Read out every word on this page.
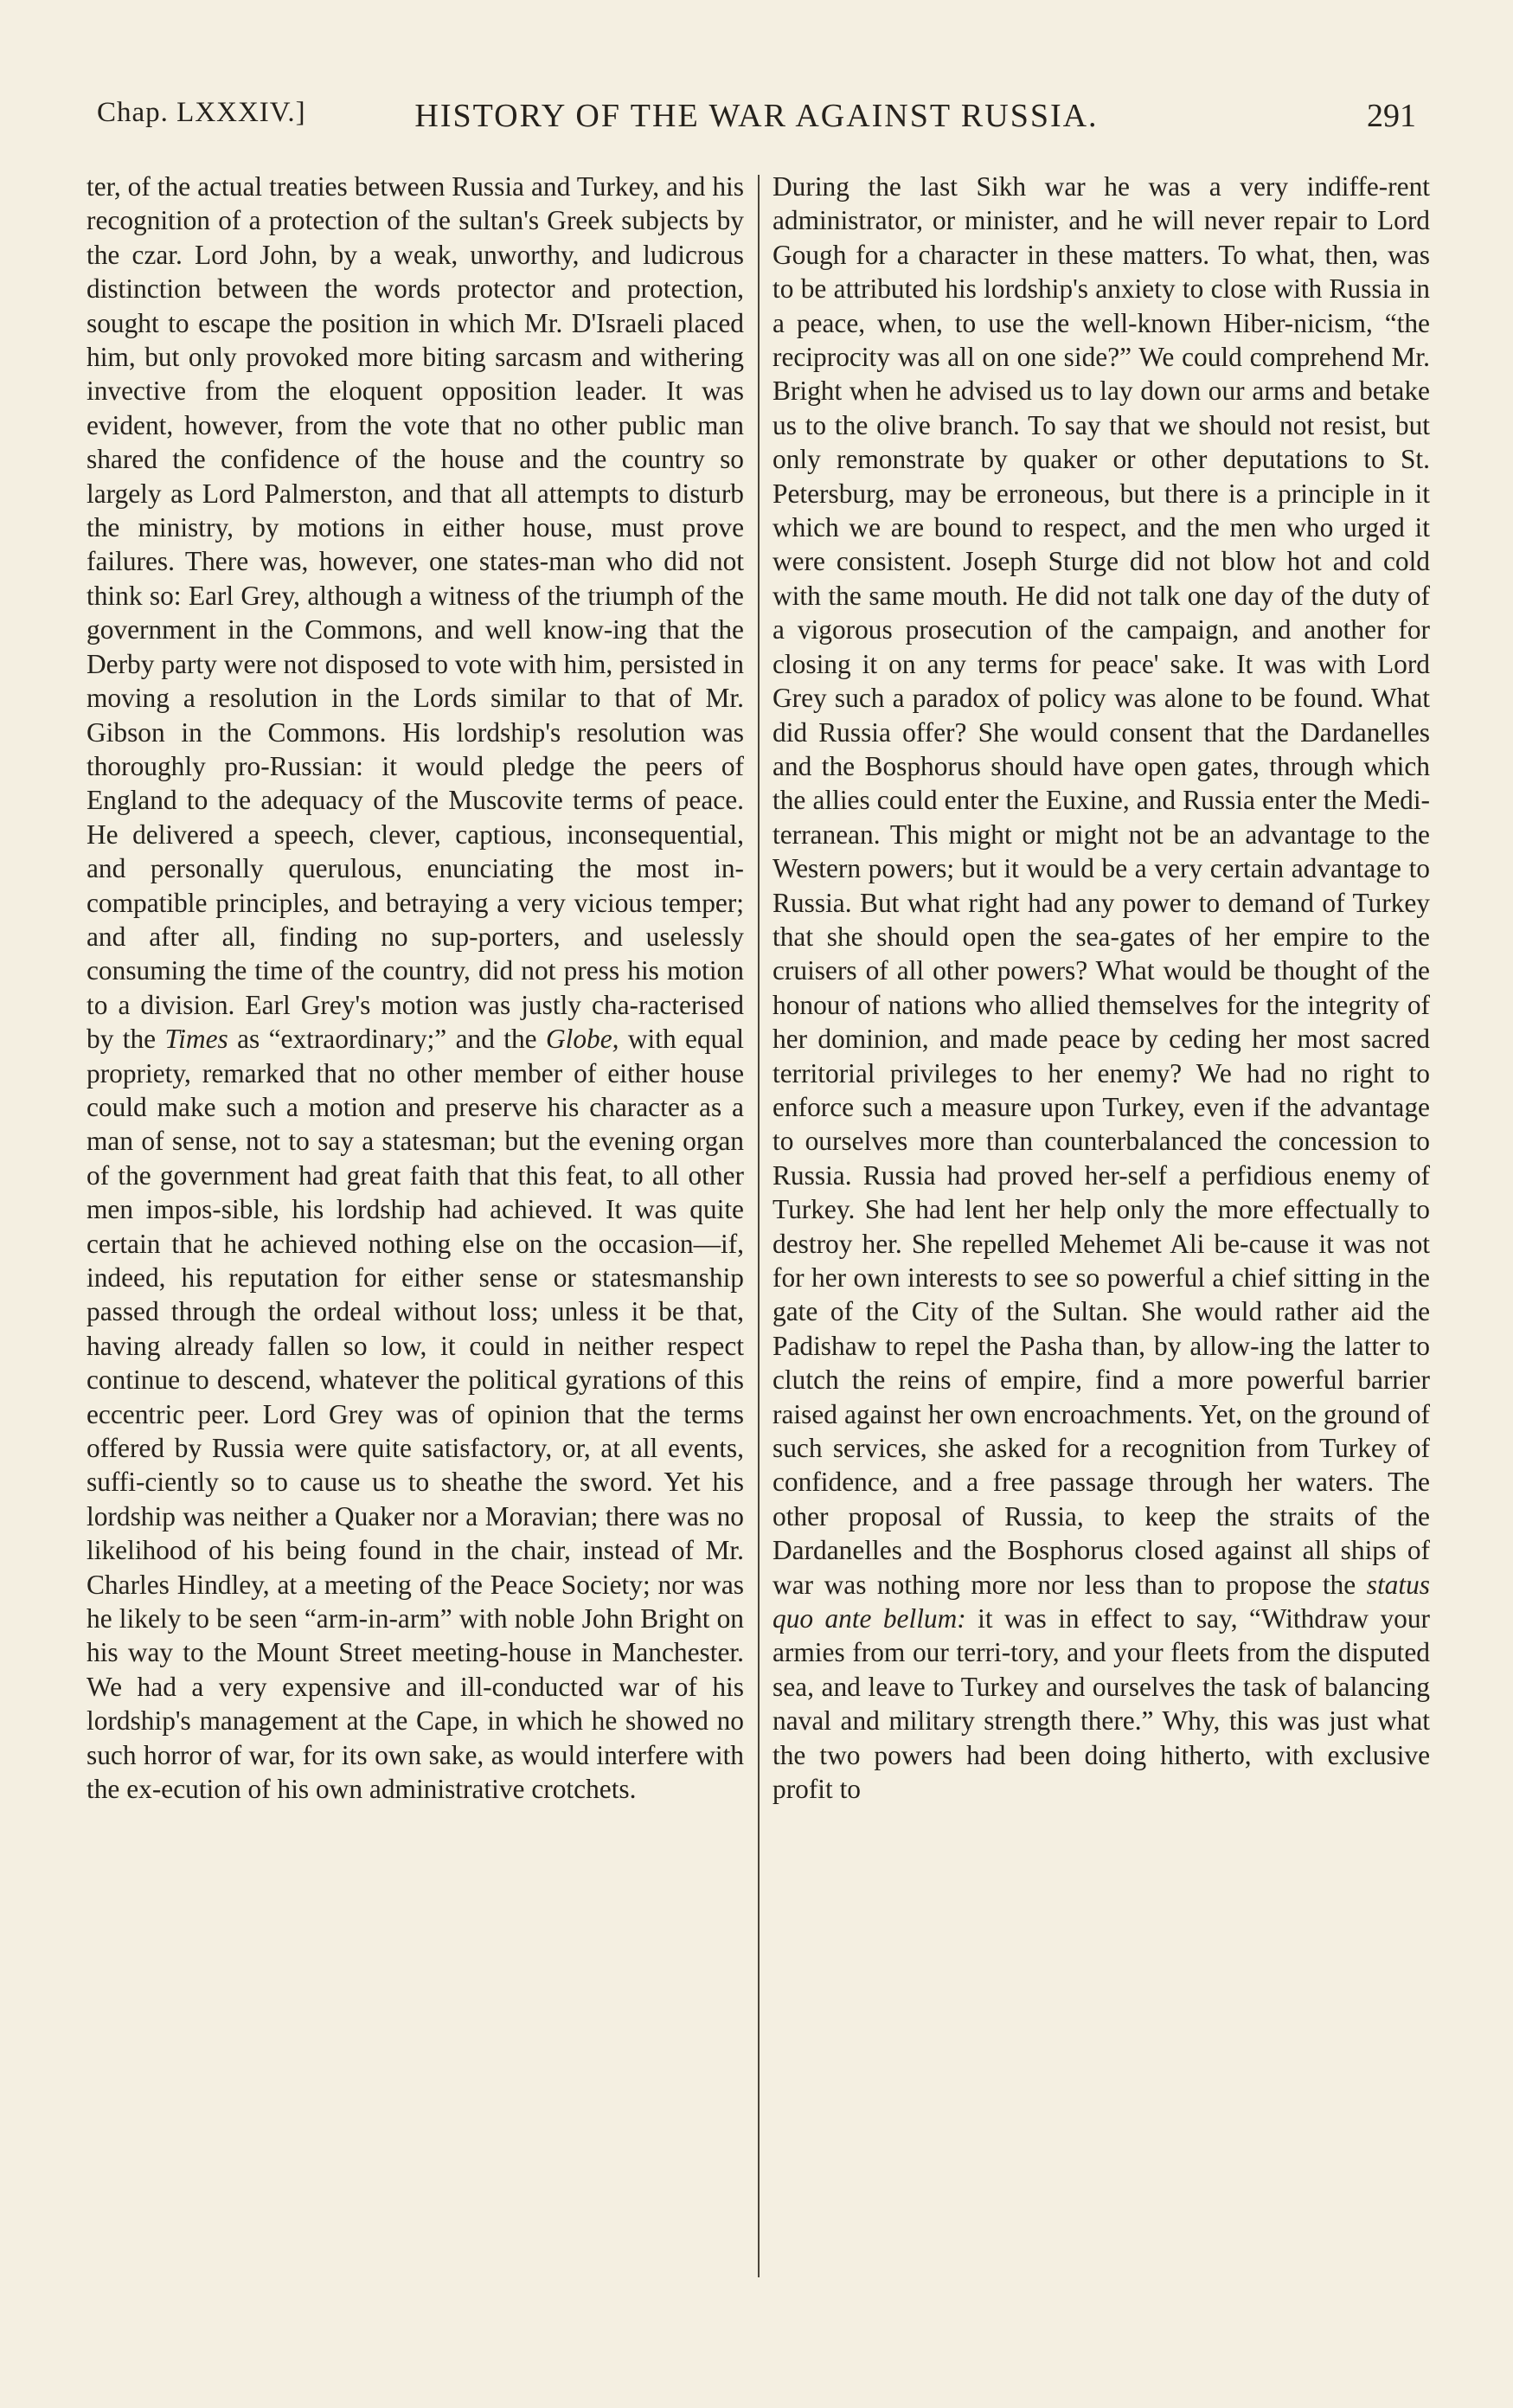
Chap. LXXXIV.]	HISTORY OF THE WAR AGAINST RUSSIA.	291

ter, of the actual treaties between Russia and Turkey, and his recognition of a protection of the sultan's Greek subjects by the czar. Lord John, by a weak, unworthy, and ludicrous distinction between the words protector and protection, sought to escape the position in which Mr. D'Israeli placed him, but only provoked more biting sarcasm and withering invective from the eloquent opposition leader. It was evident, however, from the vote that no other public man shared the confidence of the house and the country so largely as Lord Palmerston, and that all attempts to disturb the ministry, by motions in either house, must prove failures. There was, however, one states-man who did not think so: Earl Grey, although a witness of the triumph of the government in the Commons, and well know-ing that the Derby party were not disposed to vote with him, persisted in moving a resolution in the Lords similar to that of Mr. Gibson in the Commons. His lordship's resolution was thoroughly pro-Russian: it would pledge the peers of England to the adequacy of the Muscovite terms of peace. He delivered a speech, clever, captious, inconsequential, and personally querulous, enunciating the most in-compatible principles, and betraying a very vicious temper; and after all, finding no sup-porters, and uselessly consuming the time of the country, did not press his motion to a division. Earl Grey's motion was justly cha-racterised by the Times as “extraordinary;” and the Globe, with equal propriety, remarked that no other member of either house could make such a motion and preserve his character as a man of sense, not to say a statesman; but the evening organ of the government had great faith that this feat, to all other men impos-sible, his lordship had achieved. It was quite certain that he achieved nothing else on the occasion—if, indeed, his reputation for either sense or statesmanship passed through the ordeal without loss; unless it be that, having already fallen so low, it could in neither respect continue to descend, whatever the political gyrations of this eccentric peer. Lord Grey was of opinion that the terms offered by Russia were quite satisfactory, or, at all events, suffi-ciently so to cause us to sheathe the sword. Yet his lordship was neither a Quaker nor a Moravian; there was no likelihood of his being found in the chair, instead of Mr. Charles Hindley, at a meeting of the Peace Society; nor was he likely to be seen “arm-in-arm” with noble John Bright on his way to the Mount Street meeting-house in Manchester. We had a very expensive and ill-conducted war of his lordship's management at the Cape, in which he showed no such horror of war, for its own sake, as would interfere with the ex-ecution of his own administrative crotchets.

During the last Sikh war he was a very indiffe-rent administrator, or minister, and he will never repair to Lord Gough for a character in these matters. To what, then, was to be attributed his lordship's anxiety to close with Russia in a peace, when, to use the well-known Hiber-nicism, “the reciprocity was all on one side?” We could comprehend Mr. Bright when he advised us to lay down our arms and betake us to the olive branch. To say that we should not resist, but only remonstrate by quaker or other deputations to St. Petersburg, may be erroneous, but there is a principle in it which we are bound to respect, and the men who urged it were consistent. Joseph Sturge did not blow hot and cold with the same mouth. He did not talk one day of the duty of a vigorous prosecution of the campaign, and another for closing it on any terms for peace' sake. It was with Lord Grey such a paradox of policy was alone to be found. What did Russia offer? She would consent that the Dardanelles and the Bosphorus should have open gates, through which the allies could enter the Euxine, and Russia enter the Medi-terranean. This might or might not be an advantage to the Western powers; but it would be a very certain advantage to Russia. But what right had any power to demand of Turkey that she should open the sea-gates of her empire to the cruisers of all other powers? What would be thought of the honour of nations who allied themselves for the integrity of her dominion, and made peace by ceding her most sacred territorial privileges to her enemy? We had no right to enforce such a measure upon Turkey, even if the advantage to ourselves more than counterbalanced the concession to Russia. Russia had proved her-self a perfidious enemy of Turkey. She had lent her help only the more effectually to destroy her. She repelled Mehemet Ali be-cause it was not for her own interests to see so powerful a chief sitting in the gate of the City of the Sultan. She would rather aid the Padishaw to repel the Pasha than, by allow-ing the latter to clutch the reins of empire, find a more powerful barrier raised against her own encroachments. Yet, on the ground of such services, she asked for a recognition from Turkey of confidence, and a free passage through her waters. The other proposal of Russia, to keep the straits of the Dardanelles and the Bosphorus closed against all ships of war was nothing more nor less than to propose the status quo ante bellum: it was in effect to say, “Withdraw your armies from our terri-tory, and your fleets from the disputed sea, and leave to Turkey and ourselves the task of balancing naval and military strength there.” Why, this was just what the two powers had been doing hitherto, with exclusive profit to
